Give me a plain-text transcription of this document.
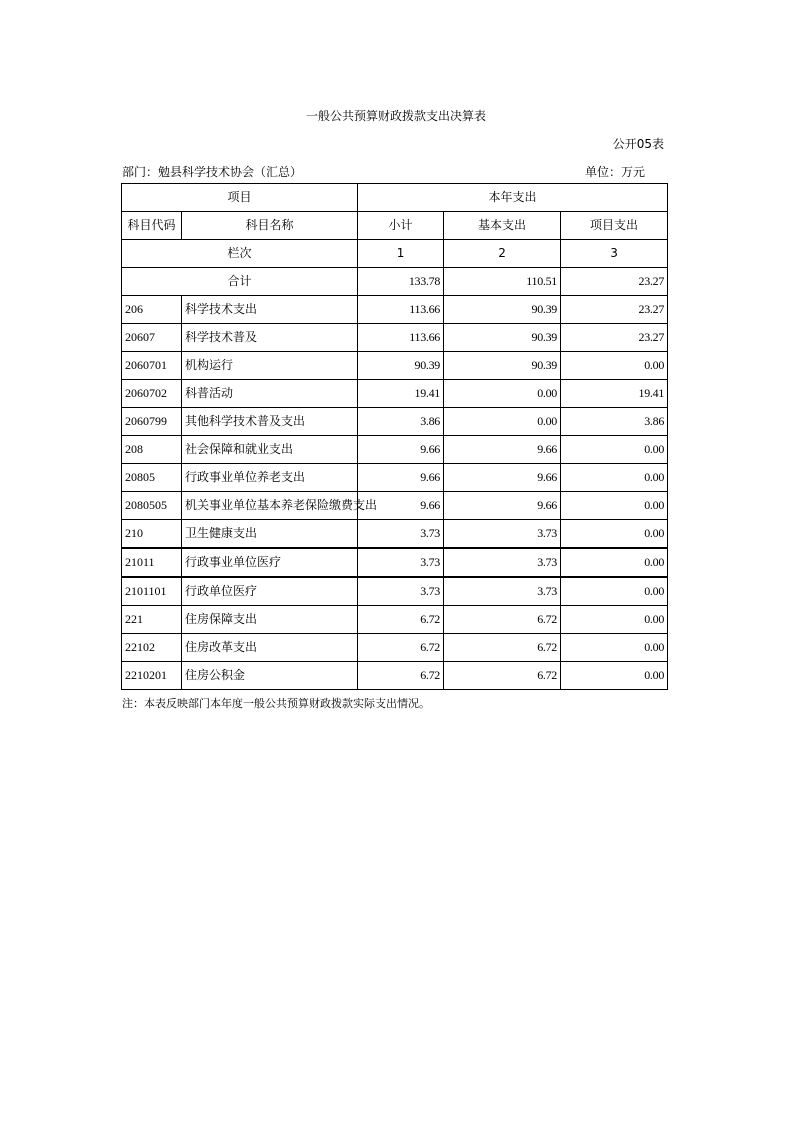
一般公共预算财政拨款支出决算表
公开05表
部门：勉县科学技术协会（汇总）	单位：万元
项目		本年支出		
科目代码	科目名称	小计	基本支出	项目支出
栏次		1	2	3
合计		133.78	110.51	23.27
206	科学技术支出	113.66	90.39	23.27
20607	科学技术普及	113.66	90.39	23.27
2060701	机构运行	90.39	90.39	0.00
2060702	科普活动	19.41	0.00	19.41
2060799	其他科学技术普及支出	3.86	0.00	3.86
208	社会保障和就业支出	9.66	9.66	0.00
20805	行政事业单位养老支出	9.66	9.66	0.00
2080505	机关事业单位基本养老保险缴费支出	9.66	9.66	0.00
210	卫生健康支出	3.73	3.73	0.00
21011	行政事业单位医疗	3.73	3.73	0.00
2101101	行政单位医疗	3.73	3.73	0.00
221	住房保障支出	6.72	6.72	0.00
22102	住房改革支出	6.72	6.72	0.00
2210201	住房公积金	6.72	6.72	0.00
注：本表反映部门本年度一般公共预算财政拨款实际支出情况。
